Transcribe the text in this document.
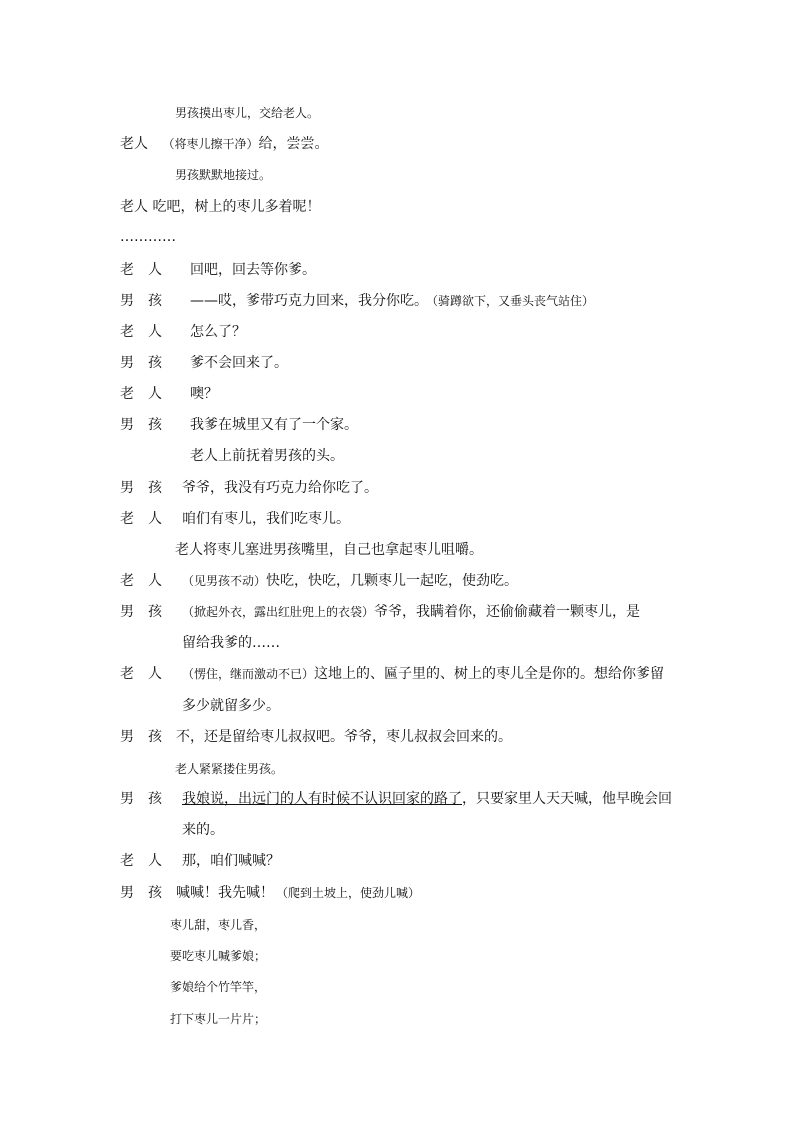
男孩摸出枣儿，交给老人。
老人 （将枣儿擦干净）给，尝尝。
男孩默默地接过。
老人 吃吧，树上的枣儿多着呢！
…………
老　人 回吧，回去等你爹。
男　孩 ——哎，爹带巧克力回来，我分你吃。 （骑蹲欲下，又垂头丧气站住）
老　人 怎么了？
男　孩 爹不会回来了。
老　人 噢？
男　孩 我爹在城里又有了一个家。
老人上前抚着男孩的头。
男　孩 爷爷，我没有巧克力给你吃了。
老　人 咱们有枣儿，我们吃枣儿。
老人将枣儿塞进男孩嘴里，自己也拿起枣儿咀嚼。
老　人 （见男孩不动）快吃，快吃，几颗枣儿一起吃，使劲吃。
男　孩 （掀起外衣，露出红肚兜上的衣袋）爷爷，我瞒着你，还偷偷藏着一颗枣儿，是
留给我爹的……
老　人 （愣住，继而激动不已）这地上的、匾子里的、树上的枣儿全是你的。想给你爹留
多少就留多少。
男　孩 不，还是留给枣儿叔叔吧。爷爷，枣儿叔叔会回来的。
老人紧紧搂住男孩。
男　孩 我娘说，出远门的人有时候不认识回家的路了，只要家里人天天喊，他早晚会回
来的。
老　人 那，咱们喊喊？
男　孩 喊喊！我先喊！ （爬到土坡上，使劲儿喊）
枣儿甜，枣儿香，
要吃枣儿喊爹娘；
爹娘给个竹竿竿，
打下枣儿一片片；
